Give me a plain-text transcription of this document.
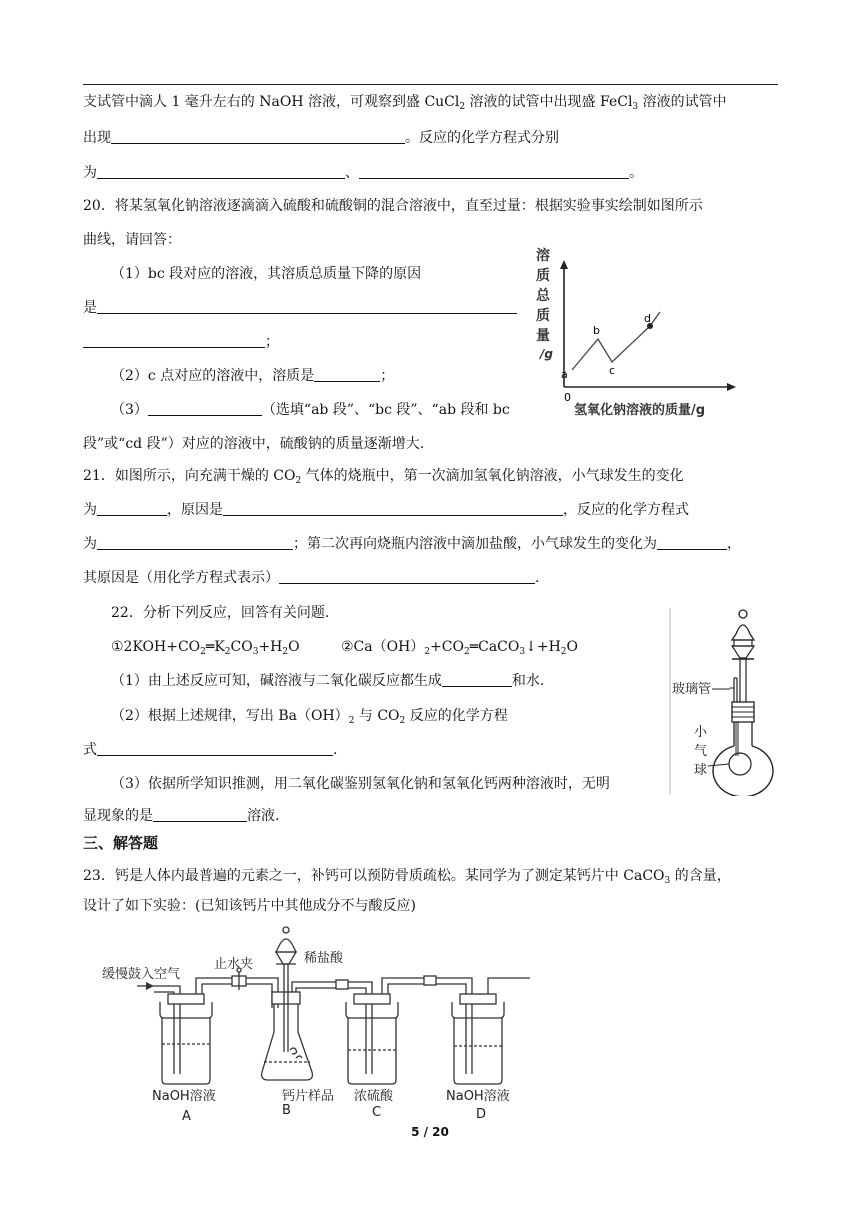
支试管中滴人 1 毫升左右的 NaOH 溶液，可观察到盛 CuCl$_2$ 溶液的试管中出现盛 FeCl$_3$ 溶液的试管中
出现	。反应的化学方程式分别
为	、	。
20．将某氢氧化钠溶液逐滴滴入硫酸和硫酸铜的混合溶液中，直至过量：根据实验事实绘制如图所示
曲线，请回答：
（1）bc 段对应的溶液，其溶质总质量下降的原因
是
；
（2）c 点对应的溶液中，溶质是	；
（3）	（选填“ab 段”、“bc 段”、“ab 段和 bc
段”或“cd 段”）对应的溶液中，硫酸钠的质量逐渐增大.
溶
质
总
质
量
/g
a
b
c
d
0
氢氧化钠溶液的质量/g
21．如图所示，向充满干燥的 $CO_2$ 气体的烧瓶中，第一次滴加氢氧化钠溶液，小气球发生的变化
为	，原因是	，反应的化学方程式
为	；第二次再向烧瓶内溶液中滴加盐酸，小气球发生的变化为	，
其原因是（用化学方程式表示）	.
22．分析下列反应，回答有关问题.
$①2KOH+CO_2═K_2CO_3+H_2O$	$②Ca(OH)_2+CO_2═CaCO_3↓+H_2O$
（1）由上述反应可知，碱溶液与二氧化碳反应都生成	和水.
（2）根据上述规律，写出 $Ba(OH)_2$ 与 $CO_2$ 反应的化学方程
式	.
（3）依据所学知识推测，用二氧化碳鉴别氢氧化钠和氢氧化钙两种溶液时，无明
显现象的是	溶液.
玻璃管
小
气
球
三、解答题
23．钙是人体内最普遍的元素之一，补钙可以预防骨质疏松。某同学为了测定某钙片中 CaCO$_3$ 的含量，
设计了如下实验：(已知该钙片中其他成分不与酸反应)
缓慢鼓入空气
止水夹	稀盐酸
NaOH溶液
A
钙片样品
B
浓硫酸
C
NaOH溶液
D
5 / 20
